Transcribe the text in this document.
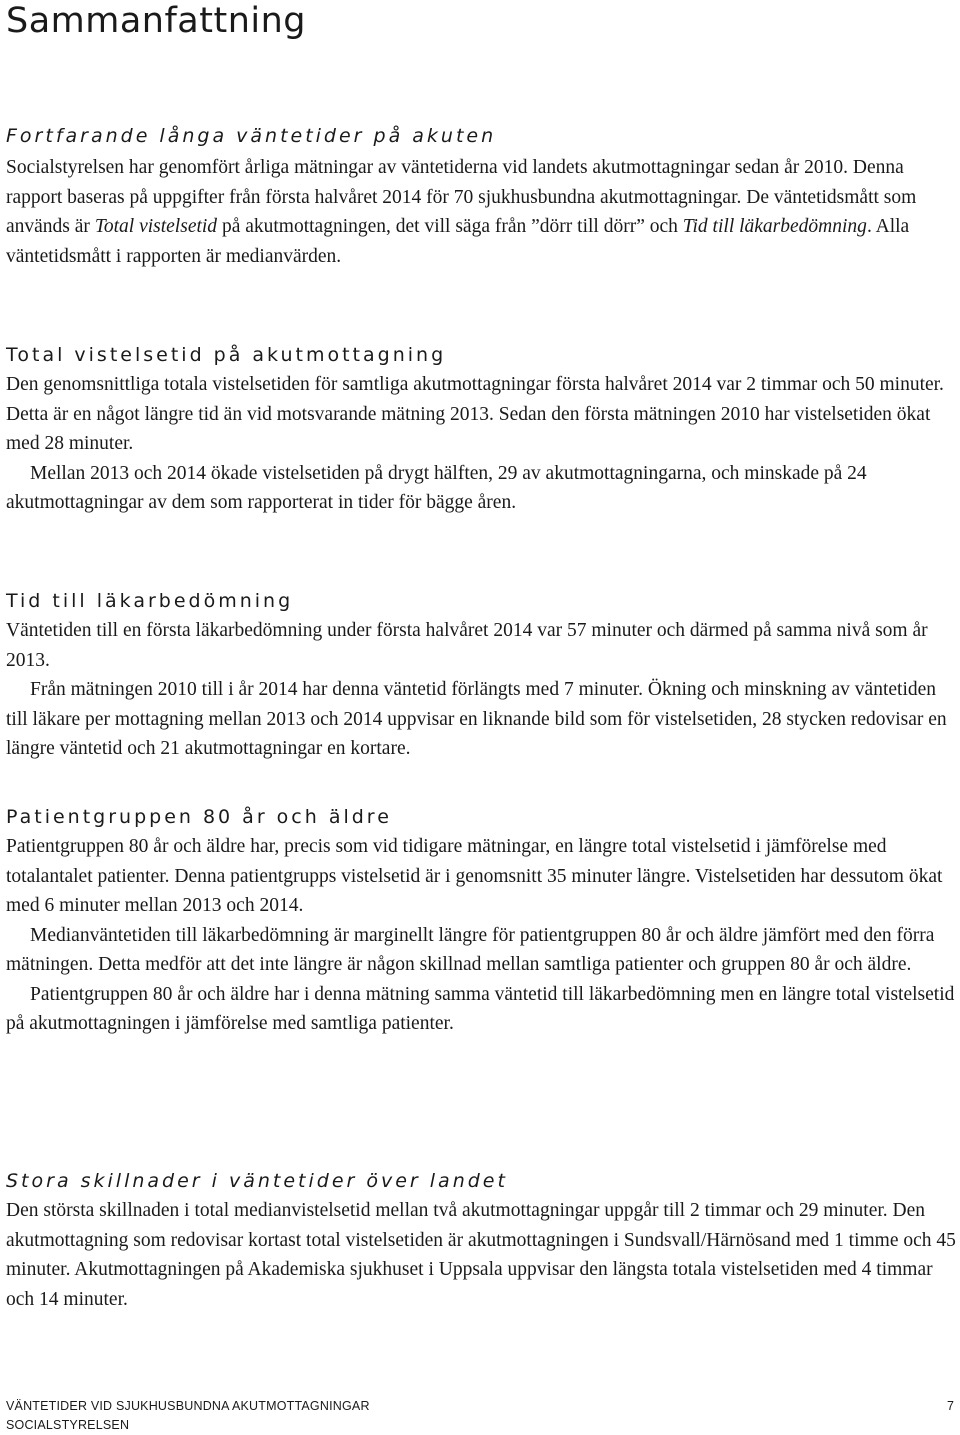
Sammanfattning
Fortfarande långa väntetider på akuten

Socialstyrelsen har genomfört årliga mätningar av väntetiderna vid landets akutmottagningar sedan år 2010. Denna rapport baseras på uppgifter från första halvåret 2014 för 70 sjukhusbundna akutmottagningar. De väntetidsmått som används är Total vistelsetid på akutmottagningen, det vill säga från ”dörr till dörr” och Tid till läkarbedömning. Alla väntetidsmått i rapporten är medianvärden.

Total vistelsetid på akutmottagning

Den genomsnittliga totala vistelsetiden för samtliga akutmottagningar första halvåret 2014 var 2 timmar och 50 minuter. Detta är en något längre tid än vid motsvarande mätning 2013. Sedan den första mätningen 2010 har vistelsetiden ökat med 28 minuter.

Mellan 2013 och 2014 ökade vistelsetiden på drygt hälften, 29 av akutmottagningarna, och minskade på 24 akutmottagningar av dem som rapporterat in tider för bägge åren.

Tid till läkarbedömning

Väntetiden till en första läkarbedömning under första halvåret 2014 var 57 minuter och därmed på samma nivå som år 2013.

Från mätningen 2010 till i år 2014 har denna väntetid förlängts med 7 minuter. Ökning och minskning av väntetiden till läkare per mottagning mellan 2013 och 2014 uppvisar en liknande bild som för vistelsetiden, 28 stycken redovisar en längre väntetid och 21 akutmottagningar en kortare.

Patientgruppen 80 år och äldre

Patientgruppen 80 år och äldre har, precis som vid tidigare mätningar, en längre total vistelsetid i jämförelse med totalantalet patienter. Denna patientgrupps vistelsetid är i genomsnitt 35 minuter längre. Vistelsetiden har dessutom ökat med 6 minuter mellan 2013 och 2014.

Medianväntetiden till läkarbedömning är marginellt längre för patientgruppen 80 år och äldre jämfört med den förra mätningen. Detta medför att det inte längre är någon skillnad mellan samtliga patienter och gruppen 80 år och äldre.

Patientgruppen 80 år och äldre har i denna mätning samma väntetid till läkarbedömning men en längre total vistelsetid på akutmottagningen i jämförelse med samtliga patienter.

Stora skillnader i väntetider över landet

Den största skillnaden i total medianvistelsetid mellan två akutmottagningar uppgår till 2 timmar och 29 minuter. Den akutmottagning som redovisar kortast total vistelsetiden är akutmottagningen i Sundsvall/Härnösand med 1 timme och 45 minuter. Akutmottagningen på Akademiska sjukhuset i Uppsala uppvisar den längsta totala vistelsetiden med 4 timmar och 14 minuter.

VÄNTETIDER VID SJUKHUSBUNDNA AKUTMOTTAGNINGAR
SOCIALSTYRELSEN
7
